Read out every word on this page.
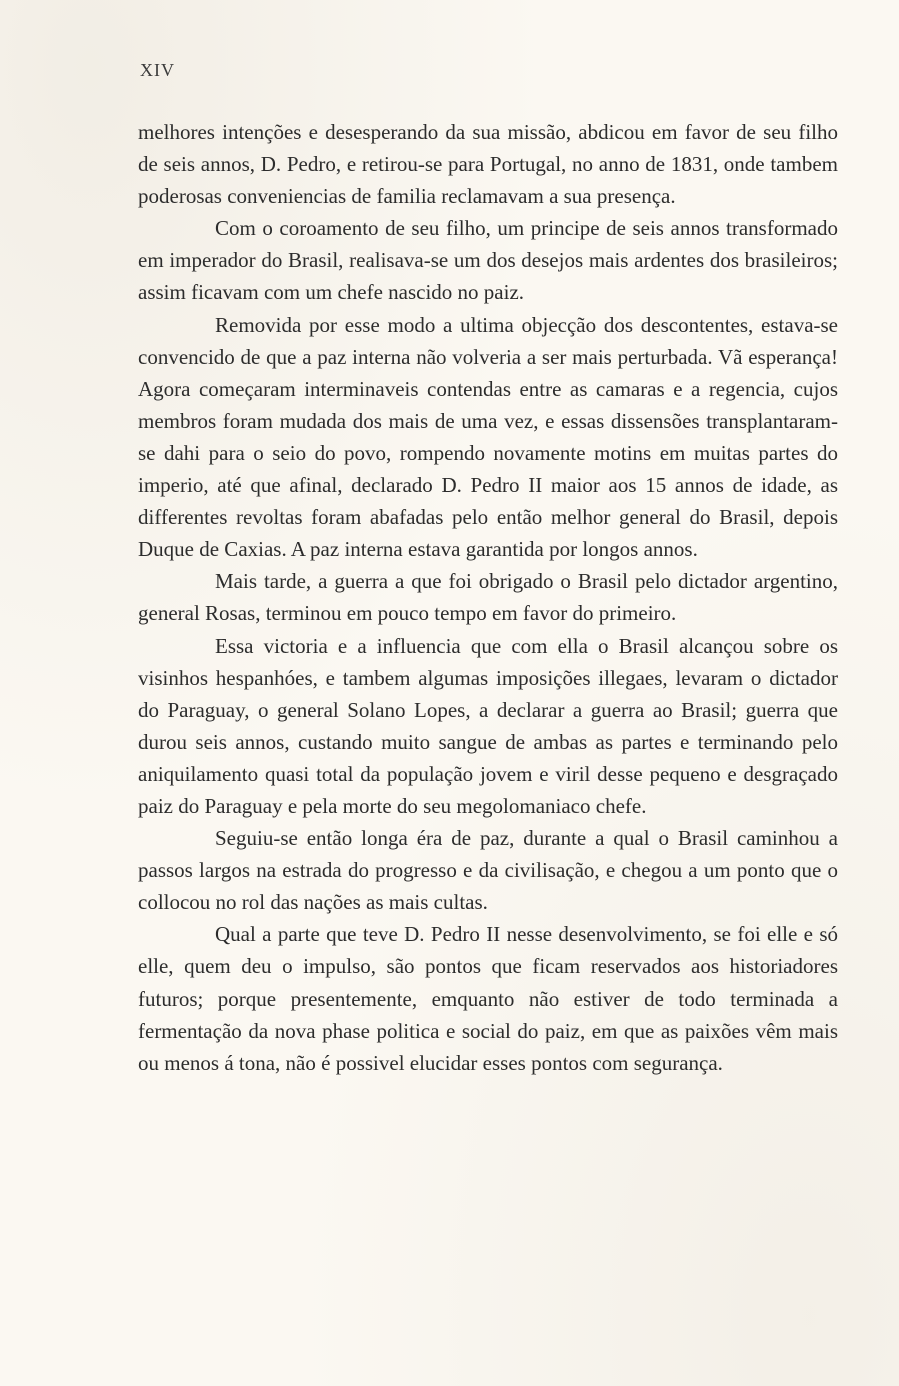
XIV

melhores intenções e desesperando da sua missão, abdicou em favor de seu filho de seis annos, D. Pedro, e retirou-se para Portugal, no anno de 1831, onde tambem poderosas conveniencias de familia reclamavam a sua presença.

Com o coroamento de seu filho, um principe de seis annos transformado em imperador do Brasil, realisava-se um dos desejos mais ardentes dos brasileiros; assim ficavam com um chefe nascido no paiz.

Removida por esse modo a ultima objecção dos descontentes, estava-se convencido de que a paz interna não volveria a ser mais perturbada. Vã esperança! Agora começaram interminaveis contendas entre as camaras e a regencia, cujos membros foram mudada dos mais de uma vez, e essas dissensões transplantaram-se dahi para o seio do povo, rompendo novamente motins em muitas partes do imperio, até que afinal, declarado D. Pedro II maior aos 15 annos de idade, as differentes revoltas foram abafadas pelo então melhor general do Brasil, depois Duque de Caxias. A paz interna estava garantida por longos annos.

Mais tarde, a guerra a que foi obrigado o Brasil pelo dictador argentino, general Rosas, terminou em pouco tempo em favor do primeiro.

Essa victoria e a influencia que com ella o Brasil alcançou sobre os visinhos hespanhóes, e tambem algumas imposições illegaes, levaram o dictador do Paraguay, o general Solano Lopes, a declarar a guerra ao Brasil; guerra que durou seis annos, custando muito sangue de ambas as partes e terminando pelo aniquilamento quasi total da população jovem e viril desse pequeno e desgraçado paiz do Paraguay e pela morte do seu megolomaniaco chefe.

Seguiu-se então longa éra de paz, durante a qual o Brasil caminhou a passos largos na estrada do progresso e da civilisação, e chegou a um ponto que o collocou no rol das nações as mais cultas.

Qual a parte que teve D. Pedro II nesse desenvolvimento, se foi elle e só elle, quem deu o impulso, são pontos que ficam reservados aos historiadores futuros; porque presentemente, emquanto não estiver de todo terminada a fermentação da nova phase politica e social do paiz, em que as paixões vêm mais ou menos á tona, não é possivel elucidar esses pontos com segurança.
